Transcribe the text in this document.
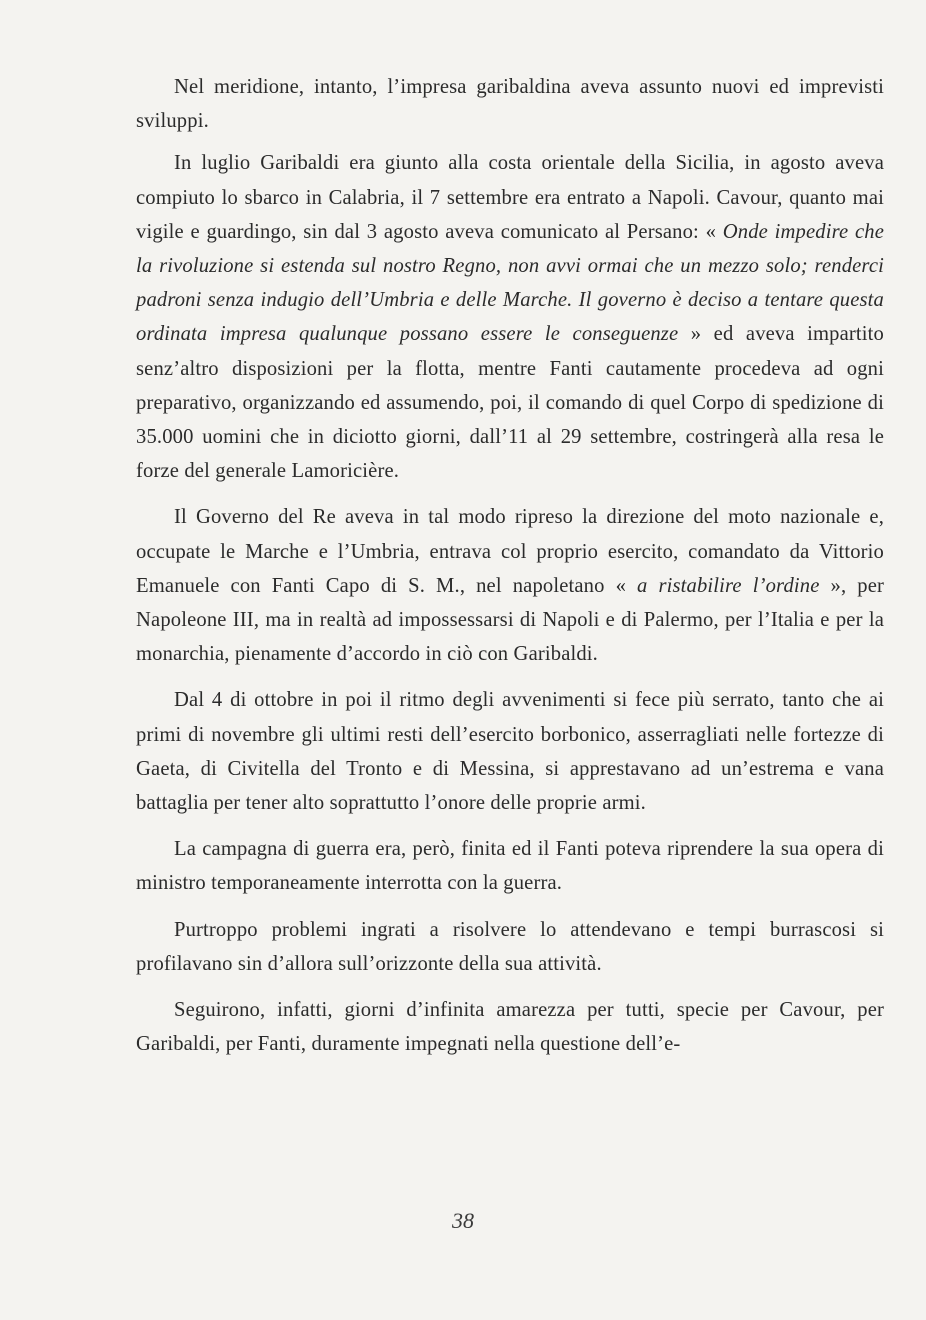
Nel meridione, intanto, l’impresa garibaldina aveva assunto nuovi ed imprevisti sviluppi.

In luglio Garibaldi era giunto alla costa orientale della Sicilia, in agosto aveva compiuto lo sbarco in Calabria, il 7 settembre era entrato a Napoli. Cavour, quanto mai vigile e guardingo, sin dal 3 agosto aveva comunicato al Persano: « Onde impedire che la rivoluzione si estenda sul nostro Regno, non avvi ormai che un mezzo solo; renderci padroni senza indugio dell’Umbria e delle Marche. Il governo è deciso a tentare questa ordinata impresa qualunque possano essere le conseguenze » ed aveva impartito senz’altro disposizioni per la flotta, mentre Fanti cautamente procedeva ad ogni preparativo, organizzando ed assumendo, poi, il comando di quel Corpo di spedizione di 35.000 uomini che in diciotto giorni, dall’11 al 29 settembre, costringerà alla resa le forze del generale Lamoricière.

Il Governo del Re aveva in tal modo ripreso la direzione del moto nazionale e, occupate le Marche e l’Umbria, entrava col proprio esercito, comandato da Vittorio Emanuele con Fanti Capo di S. M., nel napoletano « a ristabilire l’ordine », per Napoleone III, ma in realtà ad impossessarsi di Napoli e di Palermo, per l’Italia e per la monarchia, pienamente d’accordo in ciò con Garibaldi.

Dal 4 di ottobre in poi il ritmo degli avvenimenti si fece più serrato, tanto che ai primi di novembre gli ultimi resti dell’esercito borbonico, asserragliati nelle fortezze di Gaeta, di Civitella del Tronto e di Messina, si apprestavano ad un’estrema e vana battaglia per tener alto soprattutto l’onore delle proprie armi.

La campagna di guerra era, però, finita ed il Fanti poteva riprendere la sua opera di ministro temporaneamente interrotta con la guerra.

Purtroppo problemi ingrati a risolvere lo attendevano e tempi burrascosi si profilavano sin d’allora sull’orizzonte della sua attività.

Seguirono, infatti, giorni d’infinita amarezza per tutti, specie per Cavour, per Garibaldi, per Fanti, duramente impegnati nella questione dell’e-

38
